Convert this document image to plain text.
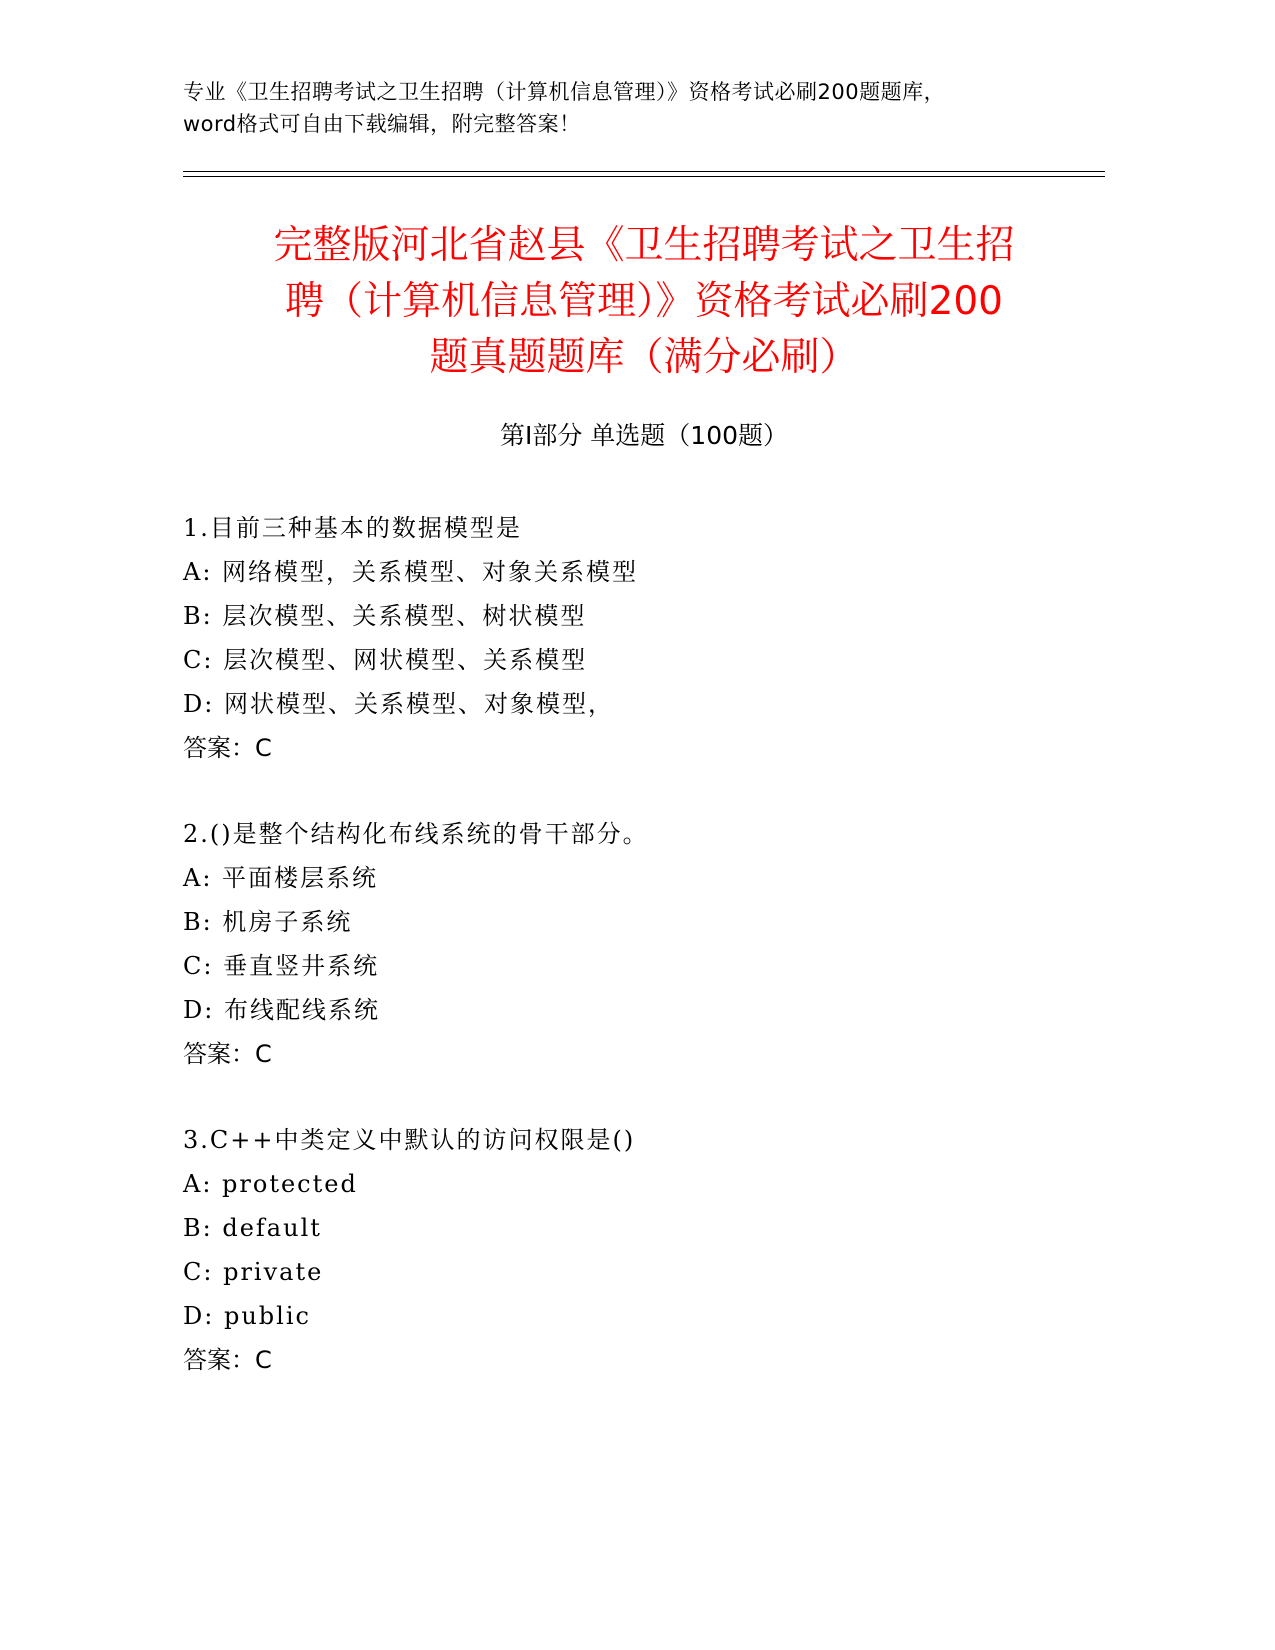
专业《卫生招聘考试之卫生招聘（计算机信息管理）》资格考试必刷200题题库，
word格式可自由下载编辑，附完整答案！
完整版河北省赵县《卫生招聘考试之卫生招
聘（计算机信息管理）》资格考试必刷200
题真题题库（满分必刷）
第Ⅰ部分 单选题（100题）
1.目前三种基本的数据模型是
A: 网络模型，关系模型、对象关系模型
B: 层次模型、关系模型、树状模型
C: 层次模型、网状模型、关系模型
D: 网状模型、关系模型、对象模型，
答案：C
2.()是整个结构化布线系统的骨干部分。
A: 平面楼层系统
B: 机房子系统
C: 垂直竖井系统
D: 布线配线系统
答案：C
3.C++中类定义中默认的访问权限是()
A: protected
B: default
C: private
D: public
答案：C
